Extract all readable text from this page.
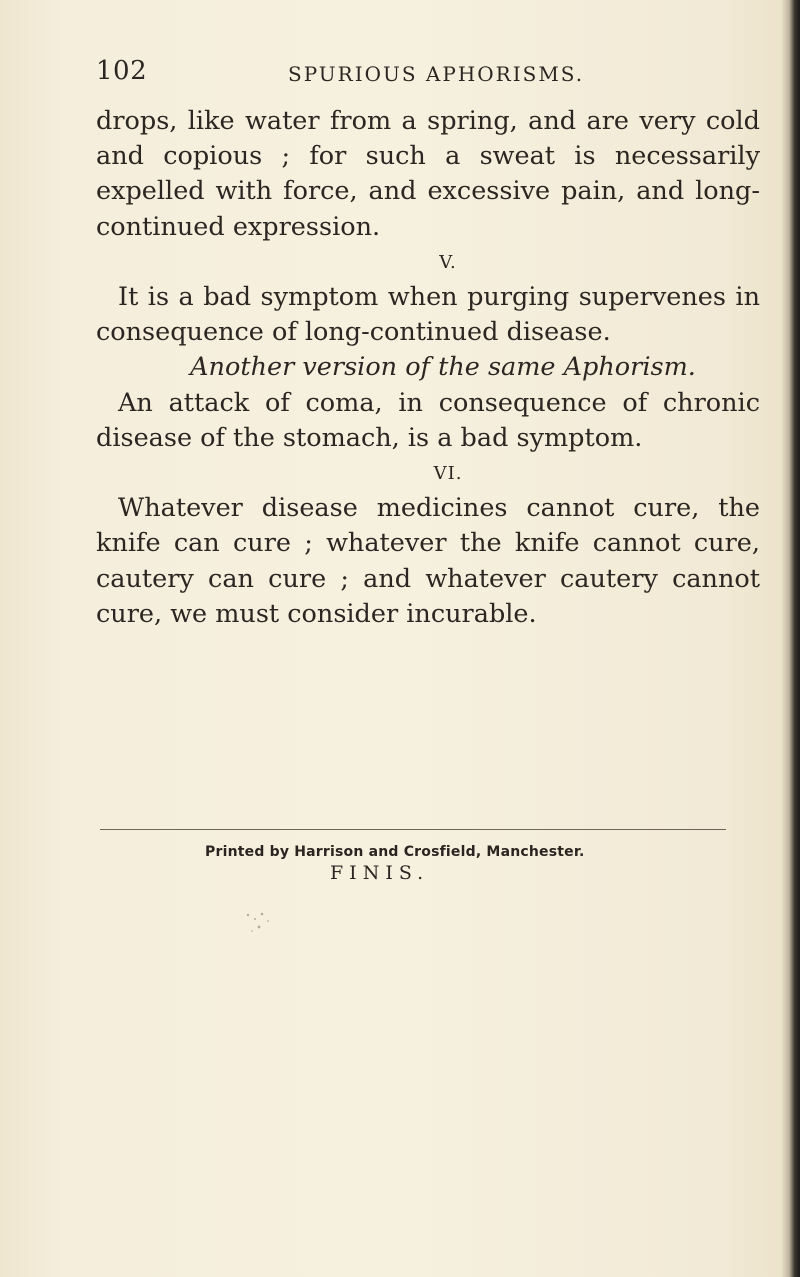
102	SPURIOUS APHORISMS.

drops, like water from a spring, and are very cold and copious ; for such a sweat is necessarily expelled with force, and excessive pain, and long-continued expression.

V.

It is a bad symptom when purging supervenes in consequence of long-continued disease.

Another version of the same Aphorism.

An attack of coma, in consequence of chronic disease of the stomach, is a bad symptom.

VI.

Whatever disease medicines cannot cure, the knife can cure ; whatever the knife cannot cure, cautery can cure ; and whatever cautery cannot cure, we must consider incurable.

FINIS.
Printed by Harrison and Crosfield, Manchester.
